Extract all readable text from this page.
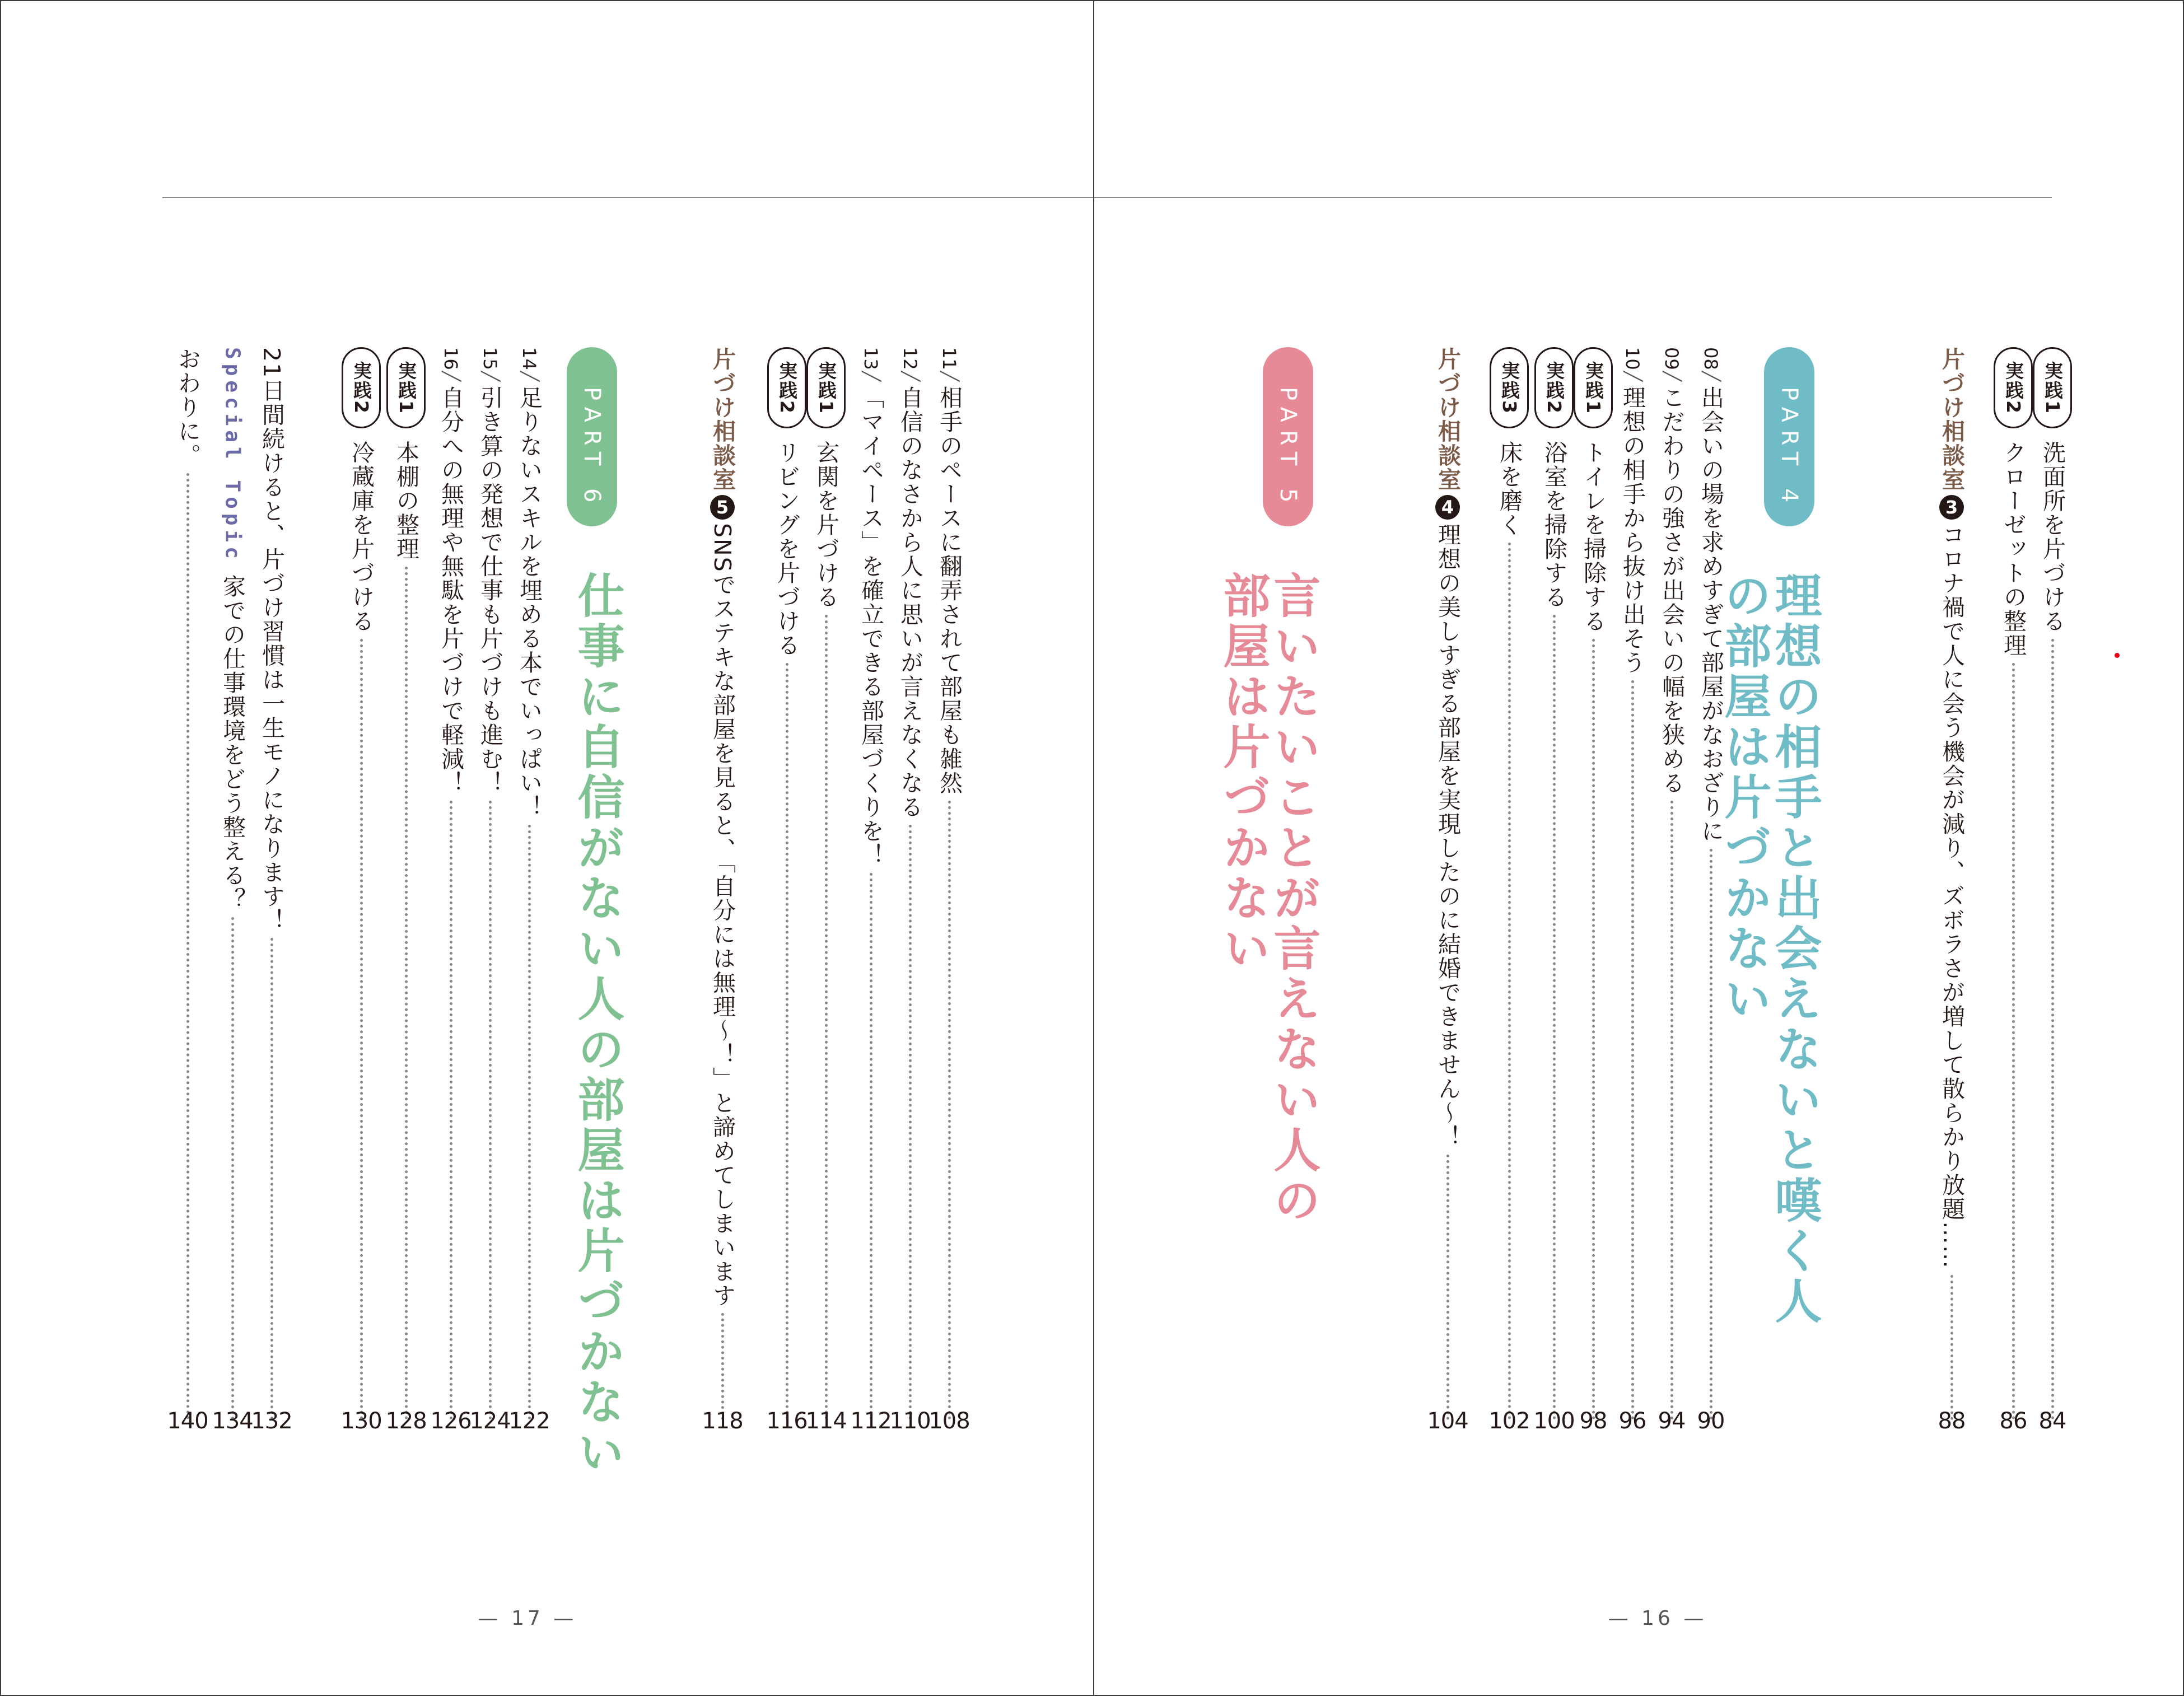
実践1
洗面所を片づける
84
実践2
クローゼットの整理
86
片づけ相談室
3
コロナ禍で人に会う機会が減り、ズボラさが増して散らかり放題……
88
08 ╱
出会いの場を求めすぎて部屋がなおざりに
90
09 ╱
こだわりの強さが出会いの幅を狭める
94
10 ╱
理想の相手から抜け出そう
96
実践1
トイレを掃除する
98
実践2
浴室を掃除する
100
実践3
床を磨く
102
片づけ相談室
4
理想の美しすぎる部屋を実現したのに結婚できません～！
104
PART 4
理想の相手と出会えないと嘆く人
の部屋は片づかない
PART 5
言いたいことが言えない人の
部屋は片づかない
PART 6
仕事に自信がない人の部屋は片づかない
— 16 —
— 17 —
11 ╱
相手のペースに翻弄されて部屋も雑然
108
12 ╱
自信のなさから人に思いが言えなくなる
110
13 ╱
「マイペース」を確立できる部屋づくりを！
112
実践1
玄関を片づける
114
実践2
リビングを片づける
116
片づけ相談室
5
SNSでステキな部屋を見ると、「自分には無理～！」と諦めてしまいます
118
14 ╱
足りないスキルを埋める本でいっぱい！
122
15 ╱
引き算の発想で仕事も片づけも進む！
124
16 ╱
自分への無理や無駄を片づけで軽減！
126
実践1
本棚の整理
128
実践2
冷蔵庫を片づける
130
21日間続けると、片づけ習慣は一生モノになります！
132
Special Topic
家での仕事環境をどう整える？
134
おわりに。
140
